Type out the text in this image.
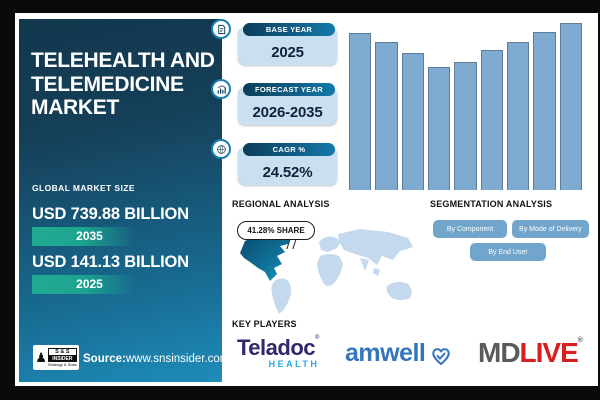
TELEHEALTH AND
TELEMEDICINE
MARKET
GLOBAL MARKET SIZE
USD 739.88 BILLION
2035
USD 141.13 BILLION
2025
♟	S & S
INSIDER
Strategy & Stats Source:www.snsinsider.com
BASE YEAR
2025
FORECAST YEAR
2026-2035
CAGR %
24.52%
REGIONAL ANALYSIS	SEGMENTATION ANALYSIS
KEY PLAYERS
41.28% SHARE	By Component	By Mode of Delivery
By End User
Teladoc®
HEALTH amwell MDLIVE®
